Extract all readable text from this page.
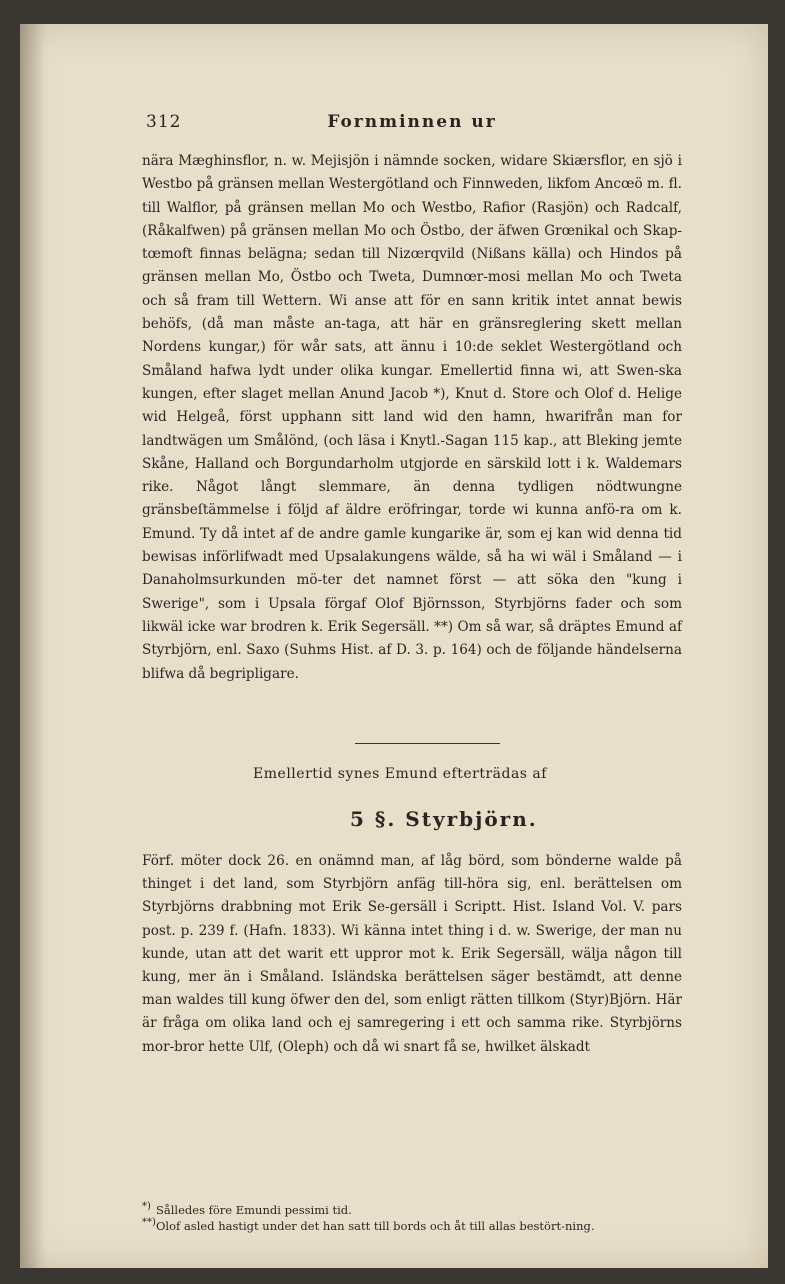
312	Fornminnen ur

nära Mæghinsflor, n. w. Mejisjön i nämnde socken, widare Skiærsflor, en sjö i Westbo på gränsen mellan Westergötland och Finnweden, likfom Ancœö m. fl. till Walflor, på gränsen mellan Mo och Westbo, Rafior (Rasjön) och Radcalf, (Råkalfwen) på gränsen mellan Mo och Östbo, der äfwen Grœnikal och Skap-tœmoft finnas belägna; sedan till Nizœrqvild (Nißans källa) och Hindos på gränsen mellan Mo, Östbo och Tweta, Dumnœr-mosi mellan Mo och Tweta och så fram till Wettern. Wi anse att för en sann kritik intet annat bewis behöfs, (då man måste an-taga, att här en gränsreglering skett mellan Nordens kungar,) för wår sats, att ännu i 10:de seklet Westergötland och Småland hafwa lydt under olika kungar. Emellertid finna wi, att Swen-ska kungen, efter slaget mellan Anund Jacob *), Knut d. Store och Olof d. Helige wid Helgeå, först upphann sitt land wid den hamn, hwarifrån man for landtwägen um Smålönd, (och läsa i Knytl.-Sagan 115 kap., att Bleking jemte Skåne, Halland och Borgundarholm utgjorde en särskild lott i k. Waldemars rike. Något långt slemmare, än denna tydligen nödtwungne gränsbeſtämmelse i följd af äldre eröfringar, torde wi kunna anfö-ra om k. Emund. Ty då intet af de andre gamle kungarike är, som ej kan wid denna tid bewisas införlifwadt med Upsalakungens wälde, så ha wi wäl i Småland — i Danaholmsurkunden mö-ter det namnet först — att söka den "kung i Swerige", som i Upsala förgaf Olof Björnsson, Styrbjörns fader och som likwäl icke war brodren k. Erik Segersäll. **) Om så war, så dräptes Emund af Styrbjörn, enl. Saxo (Suhms Hist. af D. 3. p. 164) och de följande händelserna blifwa då begripligare.

Emellertid synes Emund efterträdas af

5 §. Styrbjörn.

Förf. möter dock 26. en onämnd man, af låg börd, som bönderne walde på thinget i det land, som Styrbjörn anfäg till-höra sig, enl. berättelsen om Styrbjörns drabbning mot Erik Se-gersäll i Scriptt. Hist. Island Vol. V. pars post. p. 239 f. (Hafn. 1833). Wi känna intet thing i d. w. Swerige, der man nu kunde, utan att det warit ett uppror mot k. Erik Segersäll, wälja någon till kung, mer än i Småland. Isländska berättelsen säger bestämdt, att denne man waldes till kung öfwer den del, som enligt rätten tillkom (Styr)Björn. Här är fråga om olika land och ej samregering i ett och samma rike. Styrbjörns mor-bror hette Ulf, (Oleph) och då wi snart få se, hwilket älskadt

*) Sålledes före Emundi pessimi tid.
**) Olof asled hastigt under det han satt till bords och åt till allas bestört-ning.
